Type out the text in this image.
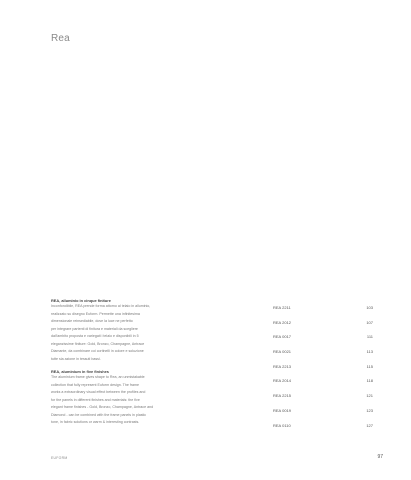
Rea
REA, alluminio in cinque finiture
Inconfondibile, REA prende forma attorno al telaio in alluminio,
realizzato su disegno Euform. Permette una infinitesima
dimensionale reinsediabile, dove la luce ne perfetto
per integrare partenti di finitura e materiali da scegliere
dall'ambito proposta e variegati i telaio e disponibili in 5
eleganzissime finiture: Gold, Bronzo, Champagne, Antrace
Diamante, da combinare coi cortinelli in colore e soluzione
tutte sia azione in tessuti bassi.
REA, aluminium in five finishes
The aluminium frame gives shape to Rea, an unmistakable
collection that fully represent Euform design. The frame
works a extraordinary visual effect between the profiles and
for the panels in different finishes and materials: the five
elegant frame finishes - Gold, Bronzo, Champagne, Antrace and
Diamond - can be combined with the frame panels in plastic
tone, in fabric solutions or warm & interesting contrasts.
REA 2211	103
REA 2012	107
REA 0017	111
REA 0021	113
REA 2213	115
REA 2014	118
REA 2215	121
REA 0019	123
REA 0110	127
EUFORM	97
